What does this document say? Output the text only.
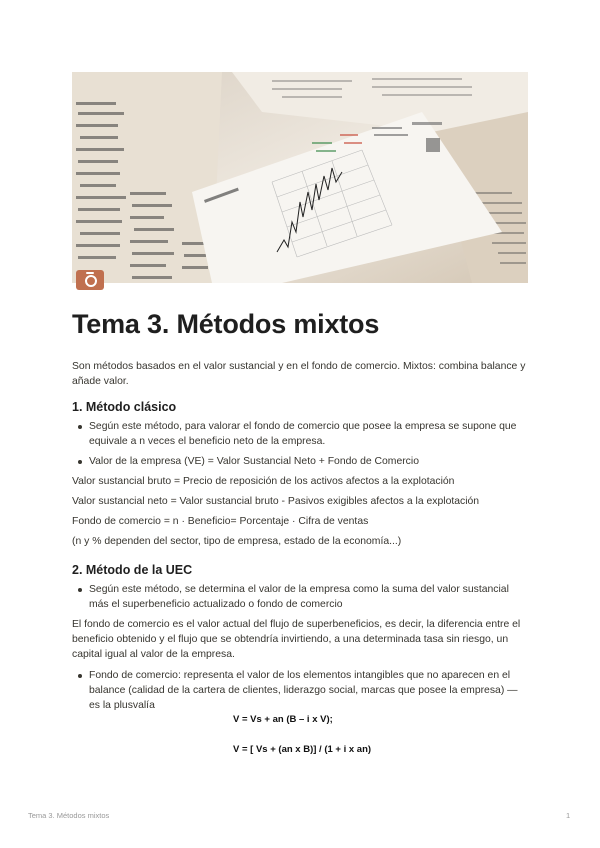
Tema 3. Métodos mixtos

Son métodos basados en el valor sustancial y en el fondo de comercio. Mixtos: combina balance y añade valor.

1. Método clásico
Según este método, para valorar el fondo de comercio que posee la empresa se supone que equivale a n veces el beneficio neto de la empresa.
Valor de la empresa (VE) = Valor Sustancial Neto + Fondo de Comercio

Valor sustancial bruto = Precio de reposición de los activos afectos a la explotación

Valor sustancial neto = Valor sustancial bruto - Pasivos exigibles afectos a la explotación

Fondo de comercio = n · Beneficio= Porcentaje · Cifra de ventas

(n y % dependen del sector, tipo de empresa, estado de la economía...)

2. Método de la UEC
Según este método, se determina el valor de la empresa como la suma del valor sustancial más el superbeneficio actualizado o fondo de comercio

El fondo de comercio es el valor actual del flujo de superbeneficios, es decir, la diferencia entre el beneficio obtenido y el flujo que se obtendría invirtiendo, a una determinada tasa sin riesgo, un capital igual al valor de la empresa.

Fondo de comercio: representa el valor de los elementos intangibles que no aparecen en el balance (calidad de la cartera de clientes, liderazgo social, marcas que posee la empresa) — es la plusvalía

V = Vs + an (B – i x V);

V = [ Vs + (an x B)] / (1 + i x an)

Tema 3. Métodos mixtos	1
